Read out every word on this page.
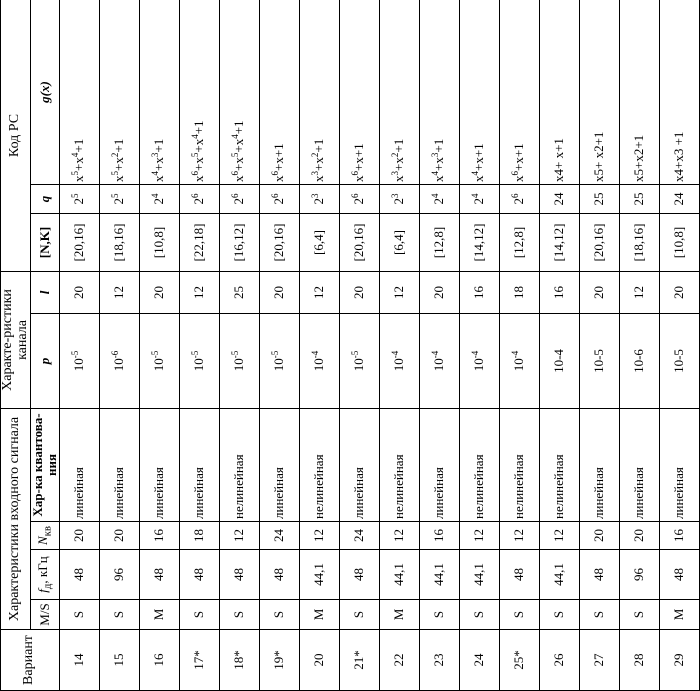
Вариант	Характеристики входного сигнала				Характе-ристики канала		Код РС		
	M/S	$f_д$, кГц	$N_{кв}$	Хар-ка квантова-ния	p	l	[N,K]	q	g(x)
14	S	48	20	линейная	$10^{-5}$	20	[20,16]	$2^5$	$x^5+x^4+1$
15	S	96	20	линейная	$10^{-6}$	12	[18,16]	$2^5$	$x^5+x^2+1$
16	M	48	16	линейная	$10^{-5}$	20	[10,8]	$2^4$	$x^4+x^3+1$
17*	S	48	18	линейная	$10^{-5}$	12	[22,18]	$2^6$	$x^6+x^5+x^4+1$
18*	S	48	12	нелинейная	$10^{-5}$	25	[16,12]	$2^6$	$x^6+x^5+x^4+1$
19*	S	48	24	линейная	$10^{-5}$	20	[20,16]	$2^6$	$x^6+x+1$
20	M	44,1	12	нелинейная	$10^{-4}$	12	[6,4]	$2^3$	$x^3+x^2+1$
21*	S	48	24	линейная	$10^{-5}$	20	[20,16]	$2^6$	$x^6+x+1$
22	M	44,1	12	нелинейная	$10^{-4}$	12	[6,4]	$2^3$	$x^3+x^2+1$
23	S	44,1	16	линейная	$10^{-4}$	20	[12,8]	$2^4$	$x^4+x^3+1$
24	S	44,1	12	нелинейная	$10^{-4}$	16	[14,12]	$2^4$	$x^4+x+1$
25*	S	48	12	нелинейная	$10^{-4}$	18	[12,8]	$2^6$	$x^6+x+1$
26	S	44,1	12	нелинейная	10-4	16	[14,12]	24	x4+ x+1
27	S	48	20	линейная	10-5	20	[20,16]	25	x5+ x2+1
28	S	96	20	линейная	10-6	12	[18,16]	25	x5+x2+1
29	M	48	16	линейная	10-5	20	[10,8]	24	x4+x3 +1
